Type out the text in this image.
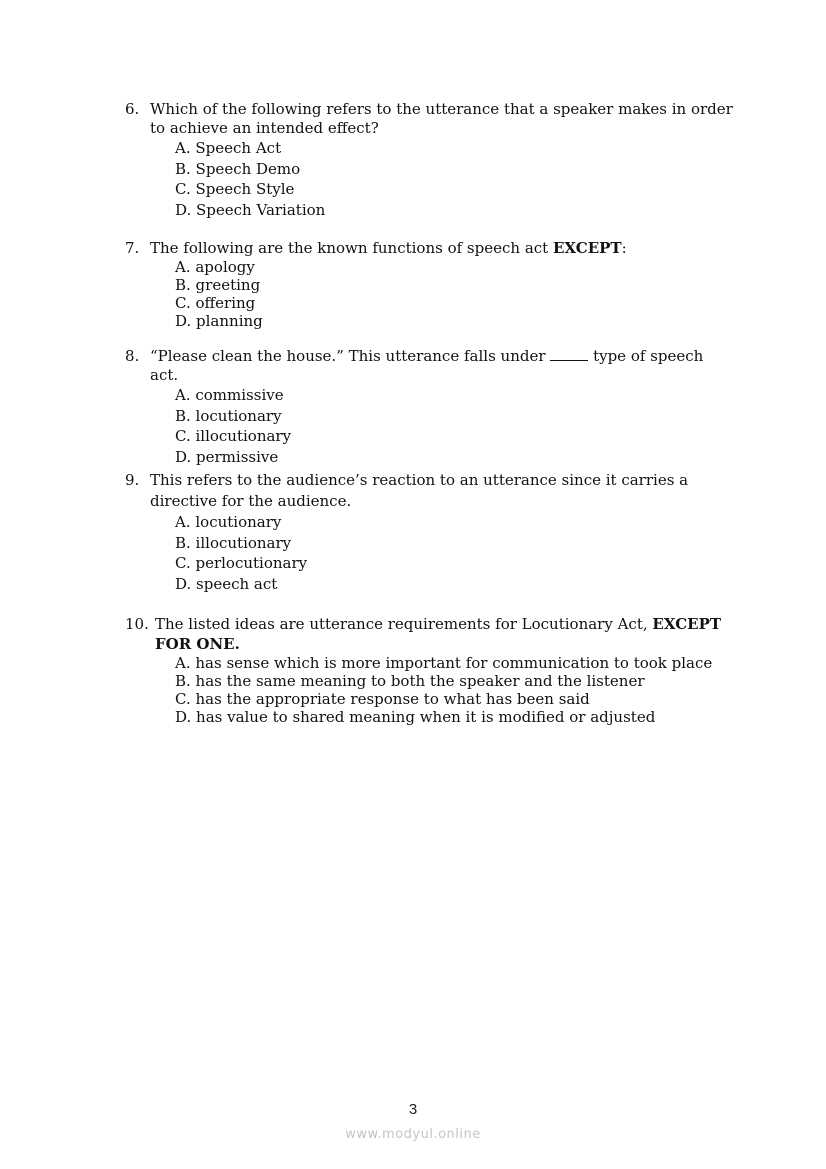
6. Which of the following refers to the utterance that a speaker makes in order to achieve an intended effect?
A. Speech Act
B. Speech Demo
C. Speech Style
D. Speech Variation
7. The following are the known functions of speech act EXCEPT:
A. apology
B. greeting
C. offering
D. planning
8. “Please clean the house.” This utterance falls under	type of speech act.
A. commissive
B. locutionary
C. illocutionary
D. permissive
9. This refers to the audience’s reaction to an utterance since it carries a directive for the audience.
A. locutionary
B. illocutionary
C. perlocutionary
D. speech act
10. The listed ideas are utterance requirements for Locutionary Act, EXCEPT FOR ONE.
A. has sense which is more important for communication to took place
B. has the same meaning to both the speaker and the listener
C. has the appropriate response to what has been said
D. has value to shared meaning when it is modified or adjusted
3
www.modyul.online
